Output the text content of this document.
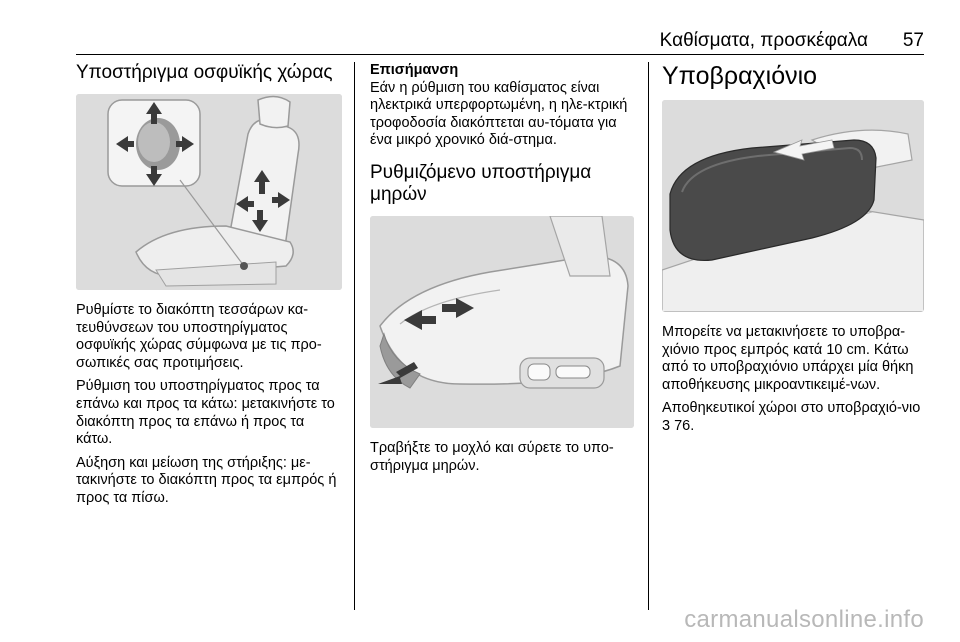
Καθίσματα, προσκέφαλα 57
Υποστήριγμα οσφυϊκής χώρας

Ρυθμίστε το διακόπτη τεσσάρων κα-τευθύνσεων του υποστηρίγματος οσφυϊκής χώρας σύμφωνα με τις προ-σωπικές σας προτιμήσεις.

Ρύθμιση του υποστηρίγματος προς τα επάνω και προς τα κάτω: μετακινήστε το διακόπτη προς τα επάνω ή προς τα κάτω.

Αύξηση και μείωση της στήριξης: με-τακινήστε το διακόπτη προς τα εμπρός ή προς τα πίσω.

Επισήμανση

Εάν η ρύθμιση του καθίσματος είναι ηλεκτρικά υπερφορτωμένη, η ηλε-κτρική τροφοδοσία διακόπτεται αυ-τόματα για ένα μικρό χρονικό διά-στημα.

Ρυθμιζόμενο υποστήριγμα μηρών

Τραβήξτε το μοχλό και σύρετε το υπο-στήριγμα μηρών.

Υποβραχιόνιο

Μπορείτε να μετακινήσετε το υποβρα-χιόνιο προς εμπρός κατά 10 cm. Κάτω από το υποβραχιόνιο υπάρχει μία θήκη αποθήκευσης μικροαντικειμέ-νων.

Αποθηκευτικοί χώροι στο υποβραχιό-νιο 3 76.

carmanualsonline.info
